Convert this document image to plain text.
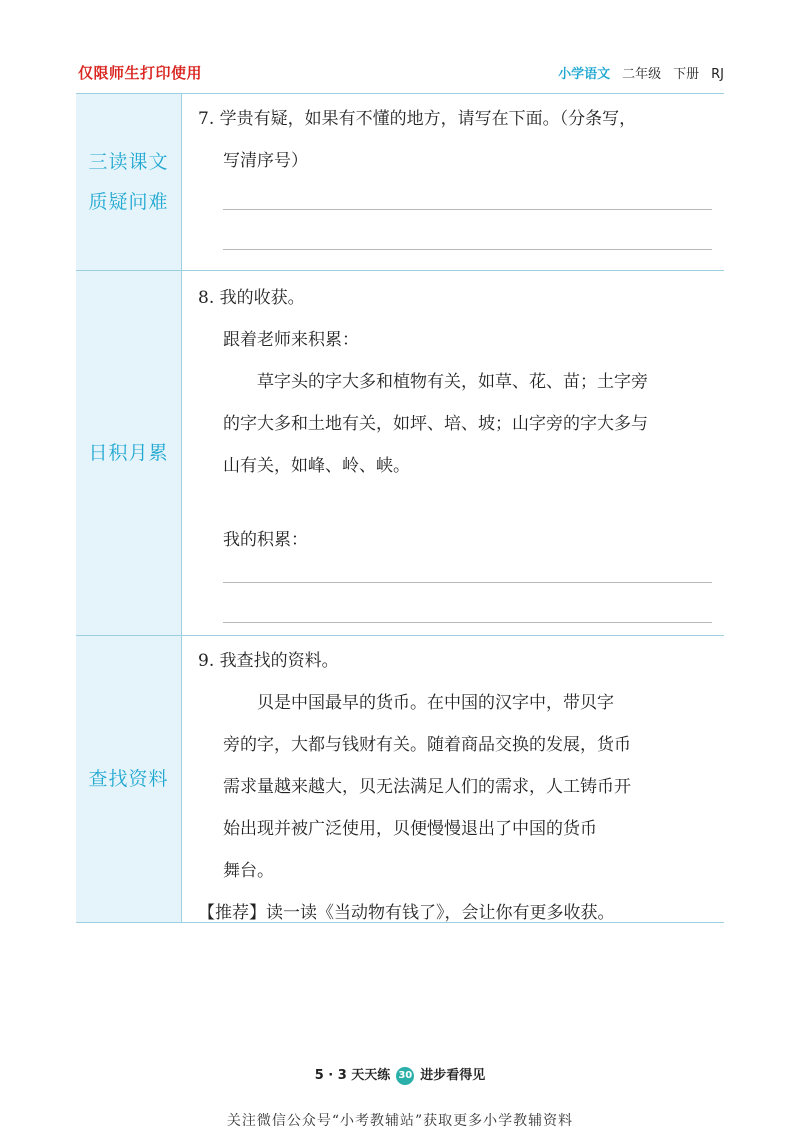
仅限师生打印使用	小学语文 二年级 下册 RJ
三读课文
质疑问难
7. 学贵有疑，如果有不懂的地方，请写在下面。（分条写，
写清序号）
日积月累
8. 我的收获。
跟着老师来积累：
草字头的字大多和植物有关，如草、花、苗；土字旁
的字大多和土地有关，如坪、培、坡；山字旁的字大多与
山有关，如峰、岭、峡。
我的积累：
查找资料
9. 我查找的资料。
贝是中国最早的货币。在中国的汉字中，带贝字
旁的字，大都与钱财有关。随着商品交换的发展，货币
需求量越来越大，贝无法满足人们的需求，人工铸币开
始出现并被广泛使用，贝便慢慢退出了中国的货币
舞台。
【推荐】读一读《当动物有钱了》，会让你有更多收获。
5 · 3 天天练 30 进步看得见
关注微信公众号“小考教辅站”获取更多小学教辅资料
